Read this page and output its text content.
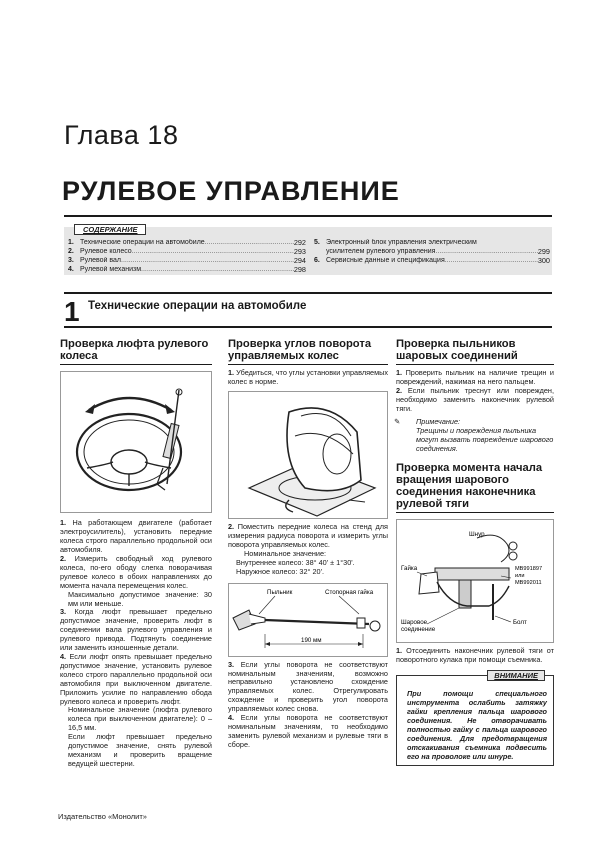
Глава 18
РУЛЕВОЕ УПРАВЛЕНИЕ
СОДЕРЖАНИЕ
1. Технические операции на автомобиле .....	292
2. Рулевое колесо .....	293
3. Рулевой вал .....	294
4. Рулевой механизм .....	298
5. Электронный блок управления электрическим
усилителем рулевого управления .....	299
6. Сервисные данные и спецификация .....	300
1 Технические операции на автомобиле
Проверка люфта рулевого колеса
1. На работающем двигателе (работает электроусилитель), установить передние колеса строго параллельно продольной оси автомобиля.
2. Измерить свободный ход рулевого колеса, по-его ободу слегка поворачивая рулевое колесо в обоих направлениях до момента начала перемещения колес.
Максимально допустимое значение: 30 мм или меньше.
3. Когда люфт превышает предельно допустимое значение, проверить люфт в соединении вала рулевого управления и рулевого привода. Подтянуть соединение или заменить изношенные детали.
4. Если люфт опять превышает предельно допустимое значение, установить рулевое колесо строго параллельно продольной оси автомобиля при выключенном двигателе. Приложить усилие по направлению обода рулевого колеса и проверить люфт.
Номинальное значение (люфта рулевого колеса при выключенном двигателе): 0 – 16,5 мм.
Если люфт превышает предельно допустимое значение, снять рулевой механизм и проверить вращение ведущей шестерни.
Проверка углов поворота управляемых колес
1. Убедиться, что углы установки управляемых колес в норме.
2. Поместить передние колеса на стенд для измерения радиуса поворота и измерить углы поворота управляемых колес.
Номинальное значение:
Внутреннее колесо: 38° 40' ± 1°30'.
Наружное колесо: 32° 20'.
Пыльник	Стопорная гайка
190 мм
3. Если углы поворота не соответствуют номинальным значениям, возможно неправильно установлено схождение управляемых колес. Отрегулировать схождение и проверить угол поворота управляемых колес снова.
4. Если углы поворота не соответствуют номинальным значениям, то необходимо заменить рулевой механизм и рулевые тяги в сборе.
Проверка пыльников шаровых соединений
1. Проверить пыльник на наличие трещин и повреждений, нажимая на него пальцем.
2. Если пыльник треснут или поврежден, необходимо заменить наконечник рулевой тяги.
✎	Примечание:
Трещины и повреждения пыльника могут вызвать повреждение шарового соединения.
Проверка момента начала вращения шарового соединения наконечника рулевой тяги
Шнур
Гайка	MB991897
или
MB992011
Болт
Шаровое
соединение
1. Отсоединить наконечник рулевой тяги от поворотного кулака при помощи съемника.
ВНИМАНИЕ
При помощи специального инструмента ослабить затяжку гайки крепления пальца шарового соединения. Не отворачивать полностью гайку с пальца шарового соединения. Для предотвращения отскакивания съемника подвесить его на проволоке или шнуре.
Издательство «Монолит»
